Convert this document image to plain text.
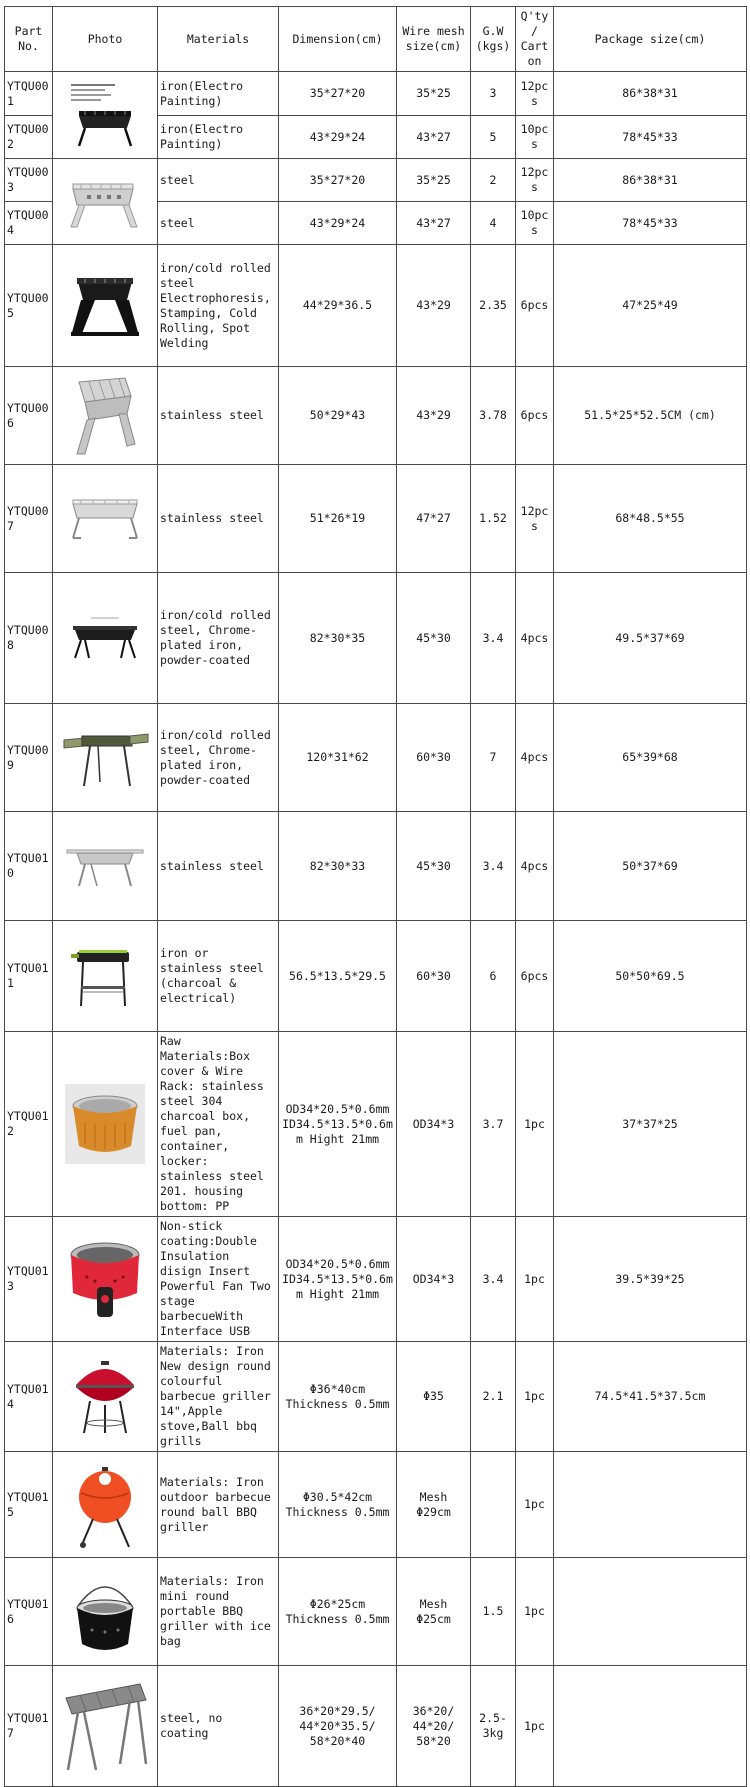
Part No.	Photo	Materials	Dimension(cm)	Wire mesh size(cm)	G.W (kgs)	Q'ty/ Carton	Package size(cm)
YTQU001		iron(Electro Painting)	35*27*20	35*25	3	12pcs	86*38*31
YTQU002		iron(Electro Painting)	43*29*24	43*27	5	10pcs	78*45*33
YTQU003		steel	35*27*20	35*25	2	12pcs	86*38*31
YTQU004		steel	43*29*24	43*27	4	10pcs	78*45*33
YTQU005		iron/cold rolled steel Electrophoresis, Stamping, Cold Rolling, Spot Welding	44*29*36.5	43*29	2.35	6pcs	47*25*49
YTQU006		stainless steel	50*29*43	43*29	3.78	6pcs	51.5*25*52.5CM (cm)
YTQU007		stainless steel	51*26*19	47*27	1.52	12pcs	68*48.5*55
YTQU008		iron/cold rolled steel, Chrome-plated iron, powder-coated	82*30*35	45*30	3.4	4pcs	49.5*37*69
YTQU009		iron/cold rolled steel, Chrome-plated iron, powder-coated	120*31*62	60*30	7	4pcs	65*39*68
YTQU010		stainless steel	82*30*33	45*30	3.4	4pcs	50*37*69
YTQU011		iron or stainless steel (charcoal & electrical)	56.5*13.5*29.5	60*30	6	6pcs	50*50*69.5
YTQU012		Raw Materials:Box cover & Wire Rack: stainless steel 304 charcoal box, fuel pan, container, locker: stainless steel 201. housing bottom: PP	OD34*20.5*0.6mm ID34.5*13.5*0.6mm Hight 21mm	OD34*3	3.7	1pc	37*37*25
YTQU013		Non-stick coating:Double Insulation disign Insert Powerful Fan Two stage barbecueWith Interface USB	OD34*20.5*0.6mm ID34.5*13.5*0.6mm Hight 21mm	OD34*3	3.4	1pc	39.5*39*25
YTQU014		Materials: Iron New design round colourful barbecue griller 14",Apple stove,Ball bbq grills	Φ36*40cm Thickness 0.5mm	Φ35	2.1	1pc	74.5*41.5*37.5cm
YTQU015		Materials: Iron outdoor barbecue round ball BBQ griller	Φ30.5*42cm Thickness 0.5mm	Mesh Φ29cm		1pc	
YTQU016		Materials: Iron mini round portable BBQ griller with ice bag	Φ26*25cm Thickness 0.5mm	Mesh Φ25cm	1.5	1pc	
YTQU017		steel, no coating	36*20*29.5/ 44*20*35.5/ 58*20*40	36*20/ 44*20/ 58*20	2.5-3kg	1pc	
